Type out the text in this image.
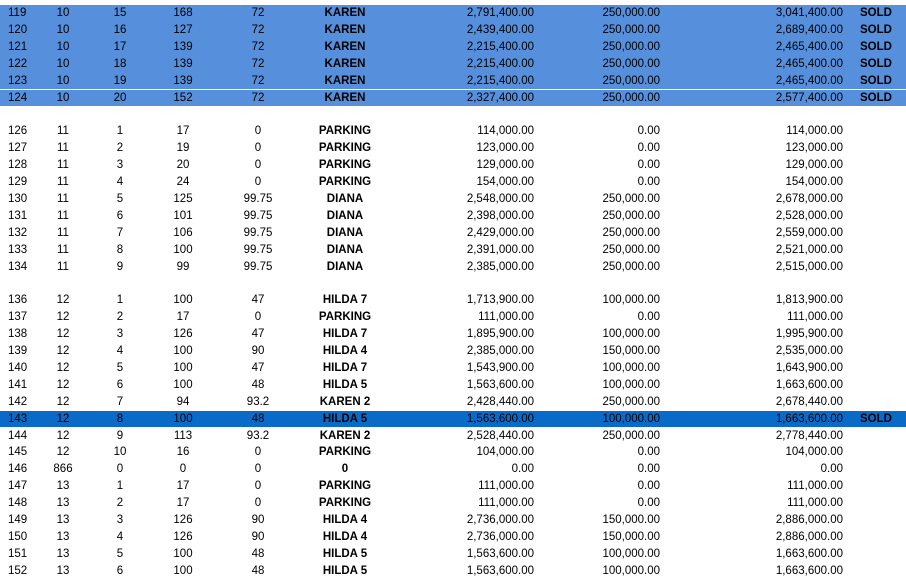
119	10	15	168	72	KAREN	2,791,400.00	250,000.00	3,041,400.00	SOLD
120	10	16	127	72	KAREN	2,439,400.00	250,000.00	2,689,400.00	SOLD
121	10	17	139	72	KAREN	2,215,400.00	250,000.00	2,465,400.00	SOLD
122	10	18	139	72	KAREN	2,215,400.00	250,000.00	2,465,400.00	SOLD
123	10	19	139	72	KAREN	2,215,400.00	250,000.00	2,465,400.00	SOLD
124	10	20	152	72	KAREN	2,327,400.00	250,000.00	2,577,400.00	SOLD
126	11	1	17	0	PARKING	114,000.00	0.00	114,000.00
127	11	2	19	0	PARKING	123,000.00	0.00	123,000.00
128	11	3	20	0	PARKING	129,000.00	0.00	129,000.00
129	11	4	24	0	PARKING	154,000.00	0.00	154,000.00
130	11	5	125	99.75	DIANA	2,548,000.00	250,000.00	2,678,000.00
131	11	6	101	99.75	DIANA	2,398,000.00	250,000.00	2,528,000.00
132	11	7	106	99.75	DIANA	2,429,000.00	250,000.00	2,559,000.00
133	11	8	100	99.75	DIANA	2,391,000.00	250,000.00	2,521,000.00
134	11	9	99	99.75	DIANA	2,385,000.00	250,000.00	2,515,000.00
136	12	1	100	47	HILDA 7	1,713,900.00	100,000.00	1,813,900.00
137	12	2	17	0	PARKING	111,000.00	0.00	111,000.00
138	12	3	126	47	HILDA 7	1,895,900.00	100,000.00	1,995,900.00
139	12	4	100	90	HILDA 4	2,385,000.00	150,000.00	2,535,000.00
140	12	5	100	47	HILDA 7	1,543,900.00	100,000.00	1,643,900.00
141	12	6	100	48	HILDA 5	1,563,600.00	100,000.00	1,663,600.00
142	12	7	94	93.2	KAREN 2	2,428,440.00	250,000.00	2,678,440.00
143	12	8	100	48	HILDA 5	1,563,600.00	100,000.00	1,663,600.00	SOLD
144	12	9	113	93.2	KAREN 2	2,528,440.00	250,000.00	2,778,440.00
145	12	10	16	0	PARKING	104,000.00	0.00	104,000.00
146	866	0	0	0	0	0.00	0.00	0.00
147	13	1	17	0	PARKING	111,000.00	0.00	111,000.00
148	13	2	17	0	PARKING	111,000.00	0.00	111,000.00
149	13	3	126	90	HILDA 4	2,736,000.00	150,000.00	2,886,000.00
150	13	4	126	90	HILDA 4	2,736,000.00	150,000.00	2,886,000.00
151	13	5	100	48	HILDA 5	1,563,600.00	100,000.00	1,663,600.00
152	13	6	100	48	HILDA 5	1,563,600.00	100,000.00	1,663,600.00
